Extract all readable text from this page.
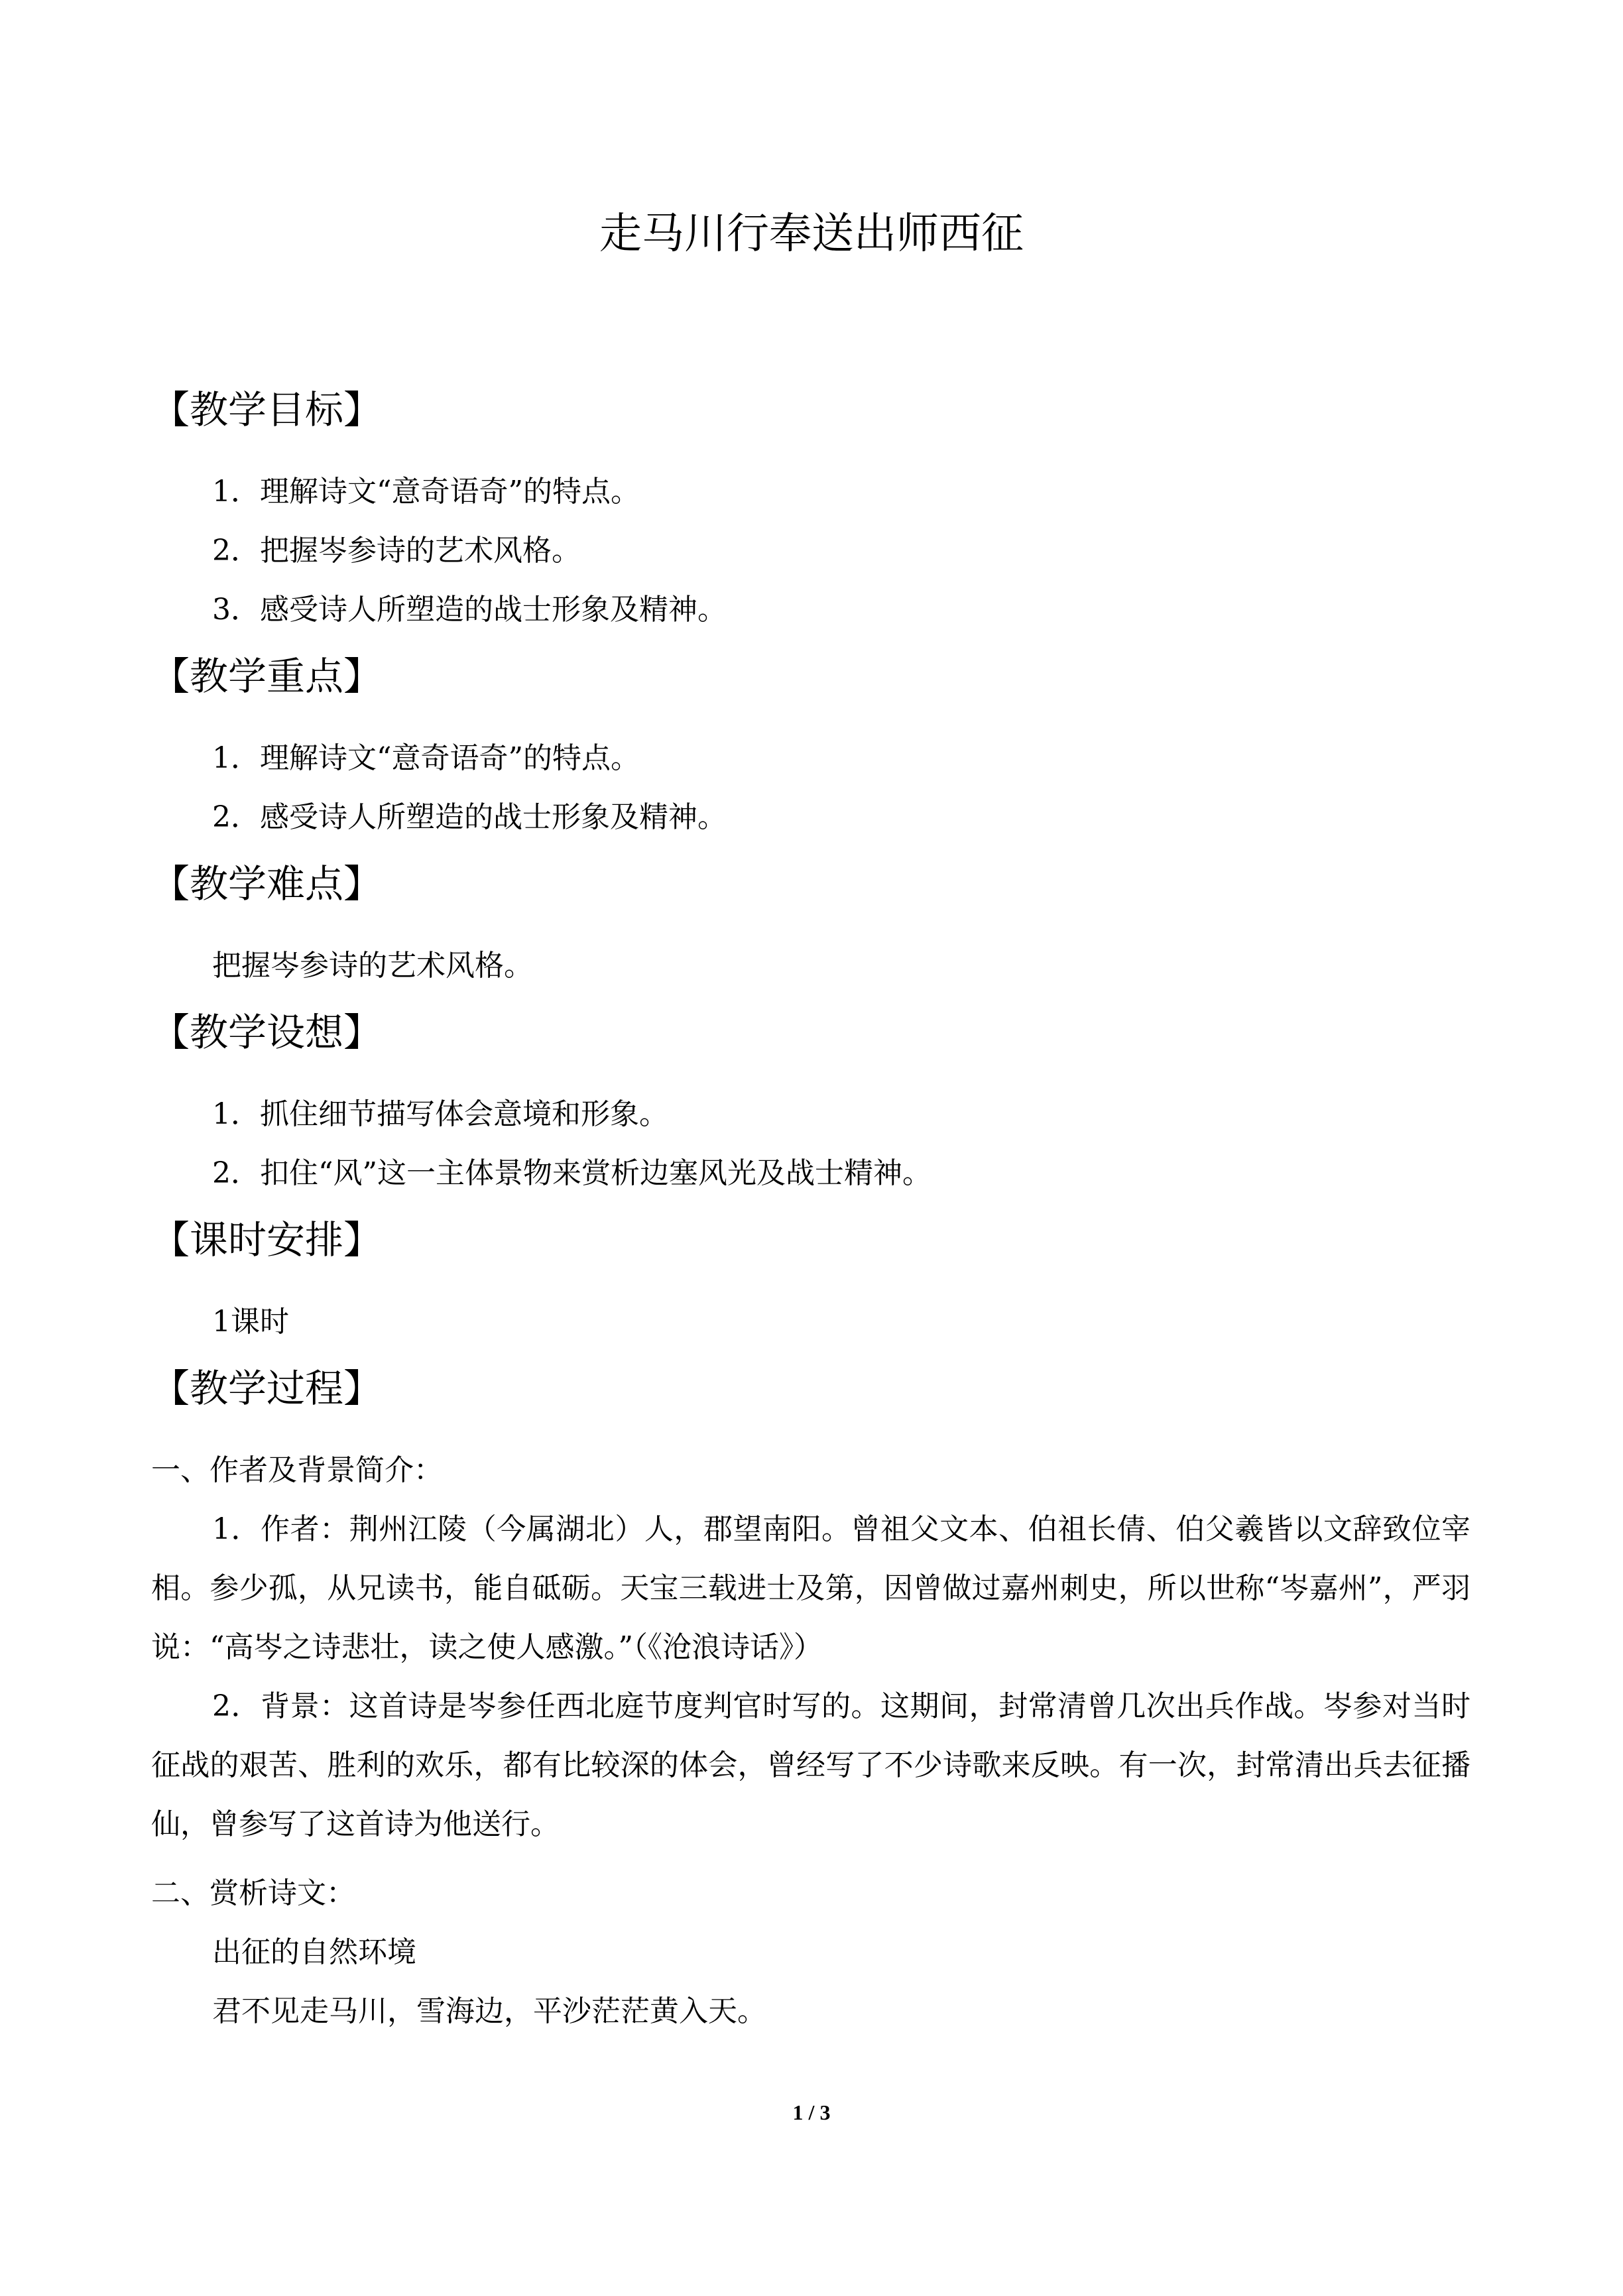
走马川行奉送出师西征
【教学目标】
1．理解诗文“意奇语奇”的特点。
2．把握岑参诗的艺术风格。
3．感受诗人所塑造的战士形象及精神。
【教学重点】
1．理解诗文“意奇语奇”的特点。
2．感受诗人所塑造的战士形象及精神。
【教学难点】
把握岑参诗的艺术风格。
【教学设想】
1．抓住细节描写体会意境和形象。
2．扣住“风”这一主体景物来赏析边塞风光及战士精神。
【课时安排】
1课时
【教学过程】
一、作者及背景简介：
1．作者：荆州江陵（今属湖北）人，郡望南阳。曾祖父文本、伯祖长倩、伯父羲皆以文辞致位宰相。参少孤，从兄读书，能自砥砺。天宝三载进士及第，因曾做过嘉州刺史，所以世称“岑嘉州”，严羽说：“高岑之诗悲壮，读之使人感激。”（《沧浪诗话》）
2．背景：这首诗是岑参任西北庭节度判官时写的。这期间，封常清曾几次出兵作战。岑参对当时征战的艰苦、胜利的欢乐，都有比较深的体会，曾经写了不少诗歌来反映。有一次，封常清出兵去征播仙，曾参写了这首诗为他送行。
二、赏析诗文：
出征的自然环境
君不见走马川，雪海边，平沙茫茫黄入天。
1 / 3
